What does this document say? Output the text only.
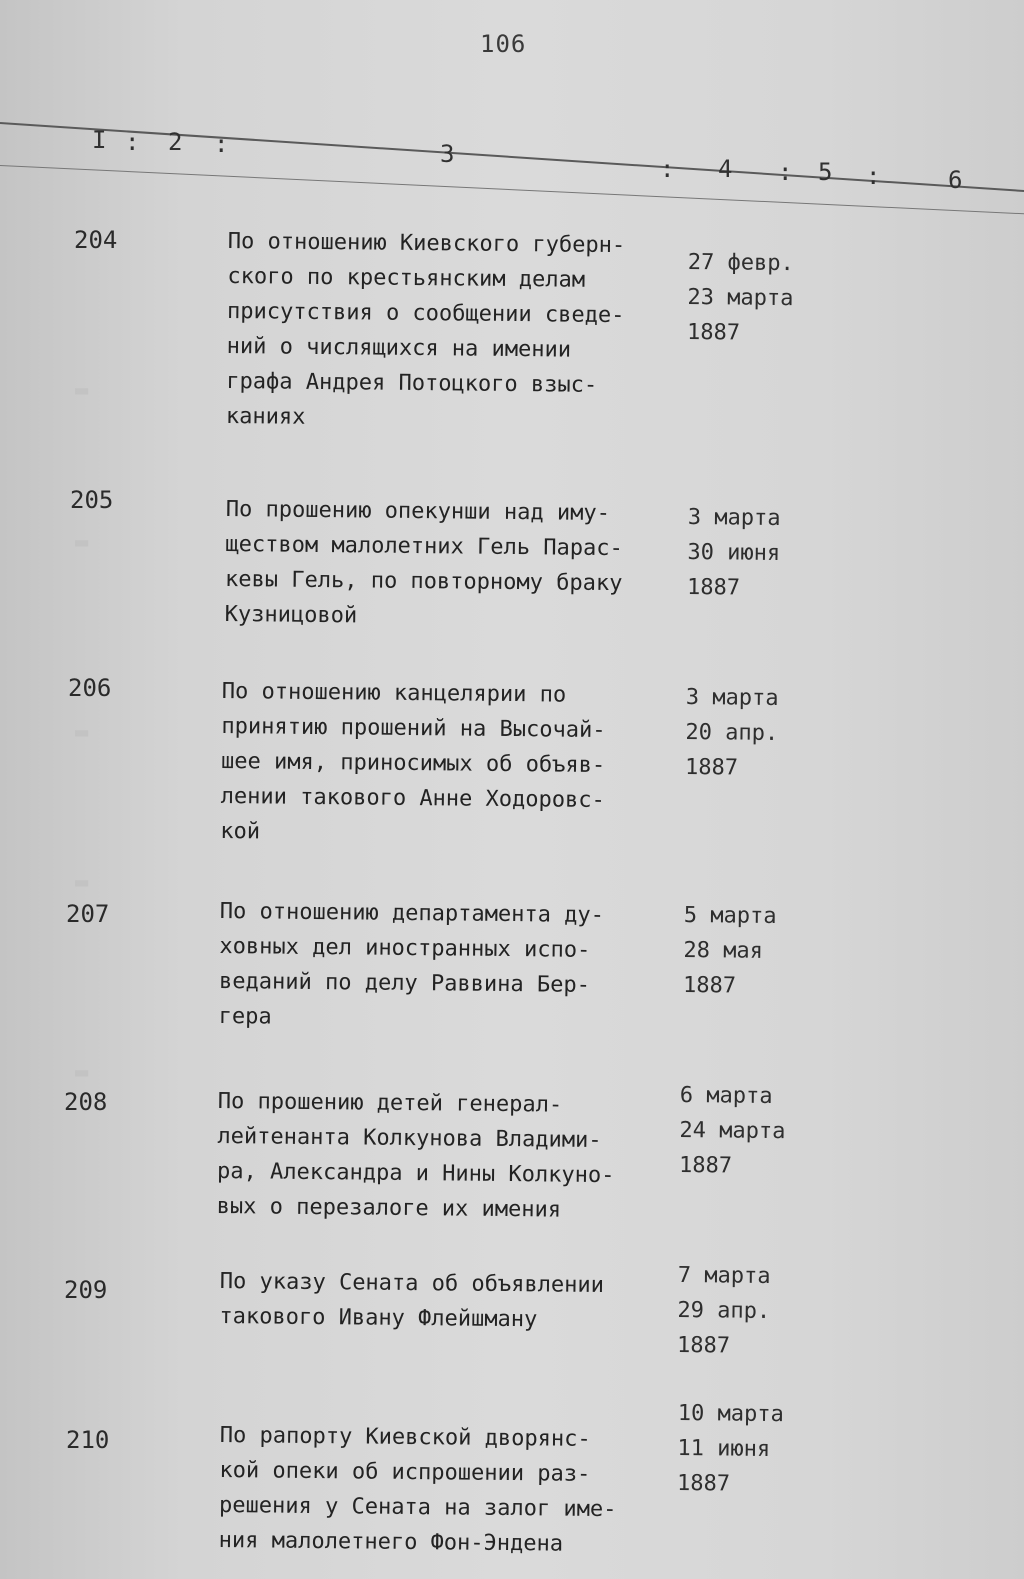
106
I : 2 :	3
: 4 : 5 :	6
▬
▬
▬
▬
▬
204	По отношению Киевского губерн-
ского по крестьянским делам
присутствия о сообщении сведе-
ний о числящихся на имении
графа Андрея Потоцкого взыс-
каниях
27 февр.
23 марта
1887
205	По прошению опекунши над иму-
ществом малолетних Гель Парас-
кевы Гель, по повторному браку
Кузницовой
3 марта
30 июня
1887
206	По отношению канцелярии по
принятию прошений на Высочай-
шее имя, приносимых об объяв-
лении такового Анне Ходоровс-
кой
3 марта
20 апр.
1887
207	По отношению департамента ду-
ховных дел иностранных испо-
веданий по делу Раввина Бер-
гера
5 марта
28 мая
1887
208	По прошению детей генерал-
лейтенанта Колкунова Владими-
ра, Александра и Нины Колкуно-
вых о перезалоге их имения
6 марта
24 марта
1887
209	По указу Сената об объявлении
такового Ивану Флейшману
7 марта
29 апр.
1887
210	По рапорту Киевской дворянс-
кой опеки об испрошении раз-
решения у Сената на залог име-
ния малолетнего Фон-Эндена
10 марта
11 июня
1887
